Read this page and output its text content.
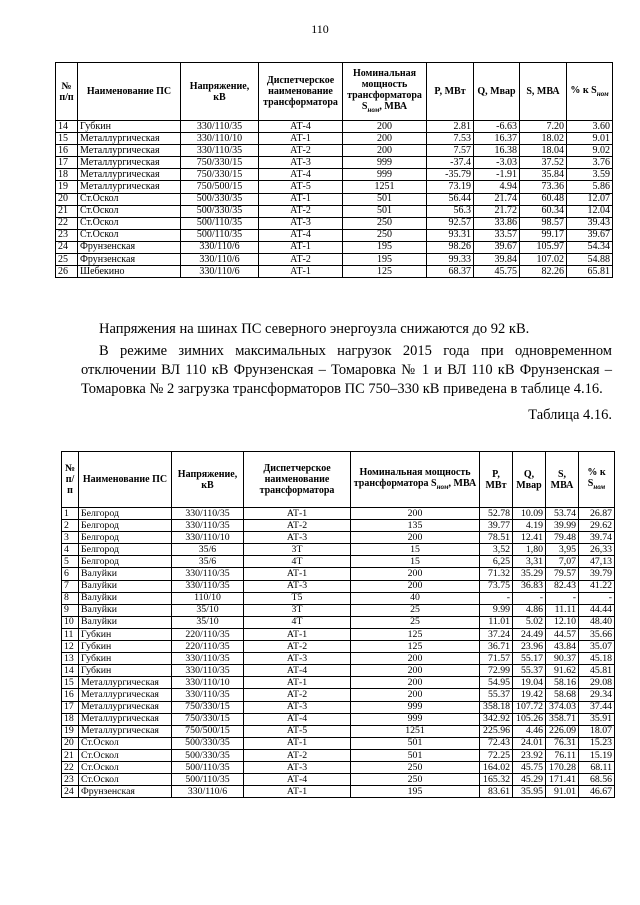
110
№ п/п	Наименование ПС	Напряжение, кВ	Диспетчерское наименование трансформатора	Номинальная мощность трансформатора $S_{ном}$, МВА	P, МВт	Q, Мвар	S, МВА	% к $S_{ном}$
14	Губкин	330/110/35	АТ-4	200	2.81	-6.63	7.20	3.60
15	Металлургическая	330/110/10	АТ-1	200	7.53	16.37	18.02	9.01
16	Металлургическая	330/110/35	АТ-2	200	7.57	16.38	18.04	9.02
17	Металлургическая	750/330/15	АТ-3	999	-37.4	-3.03	37.52	3.76
18	Металлургическая	750/330/15	АТ-4	999	-35.79	-1.91	35.84	3.59
19	Металлургическая	750/500/15	АТ-5	1251	73.19	4.94	73.36	5.86
20	Ст.Оскол	500/330/35	АТ-1	501	56.44	21.74	60.48	12.07
21	Ст.Оскол	500/330/35	АТ-2	501	56.3	21.72	60.34	12.04
22	Ст.Оскол	500/110/35	АТ-3	250	92.57	33.86	98.57	39.43
23	Ст.Оскол	500/110/35	АТ-4	250	93.31	33.57	99.17	39.67
24	Фрунзенская	330/110/6	АТ-1	195	98.26	39.67	105.97	54.34
25	Фрунзенская	330/110/6	АТ-2	195	99.33	39.84	107.02	54.88
26	Шебекино	330/110/6	АТ-1	125	68.37	45.75	82.26	65.81
Напряжения на шинах ПС северного энергоузла снижаются до 92 кВ.
В режиме зимних максимальных нагрузок 2015 года при одновременном отключении ВЛ 110 кВ Фрунзенская – Томаровка № 1 и ВЛ 110 кВ Фрунзенская – Томаровка № 2 загрузка трансформаторов ПС 750–330 кВ приведена в таблице 4.16.
Таблица 4.16.
№ п/п	Наименование ПС	Напряжение, кВ	Диспетчерское наименование трансформатора	Номинальная мощность трансформатора $S_{ном}$, МВА	P, МВт	Q, Мвар	S, МВА	% к $S_{ном}$
1	Белгород	330/110/35	АТ-1	200	52.78	10.09	53.74	26.87
2	Белгород	330/110/35	АТ-2	135	39.77	4.19	39.99	29.62
3	Белгород	330/110/10	АТ-3	200	78.51	12.41	79.48	39.74
4	Белгород	35/6	3Т	15	3,52	1,80	3,95	26,33
5	Белгород	35/6	4Т	15	6,25	3,31	7,07	47,13
6	Валуйки	330/110/35	АТ-1	200	71.32	35.29	79.57	39.79
7	Валуйки	330/110/35	АТ-3	200	73.75	36.83	82.43	41.22
8	Валуйки	110/10	Т5	40	-	-	-	-
9	Валуйки	35/10	3Т	25	9.99	4.86	11.11	44.44
10	Валуйки	35/10	4Т	25	11.01	5.02	12.10	48.40
11	Губкин	220/110/35	АТ-1	125	37.24	24.49	44.57	35.66
12	Губкин	220/110/35	АТ-2	125	36.71	23.96	43.84	35.07
13	Губкин	330/110/35	АТ-3	200	71.57	55.17	90.37	45.18
14	Губкин	330/110/35	АТ-4	200	72.99	55.37	91.62	45.81
15	Металлургическая	330/110/10	АТ-1	200	54.95	19.04	58.16	29.08
16	Металлургическая	330/110/35	АТ-2	200	55.37	19.42	58.68	29.34
17	Металлургическая	750/330/15	АТ-3	999	358.18	107.72	374.03	37.44
18	Металлургическая	750/330/15	АТ-4	999	342.92	105.26	358.71	35.91
19	Металлургическая	750/500/15	АТ-5	1251	225.96	4.46	226.09	18.07
20	Ст.Оскол	500/330/35	АТ-1	501	72.43	24.01	76.31	15.23
21	Ст.Оскол	500/330/35	АТ-2	501	72.25	23.92	76.11	15.19
22	Ст.Оскол	500/110/35	АТ-3	250	164.02	45.75	170.28	68.11
23	Ст.Оскол	500/110/35	АТ-4	250	165.32	45.29	171.41	68.56
24	Фрунзенская	330/110/6	АТ-1	195	83.61	35.95	91.01	46.67
